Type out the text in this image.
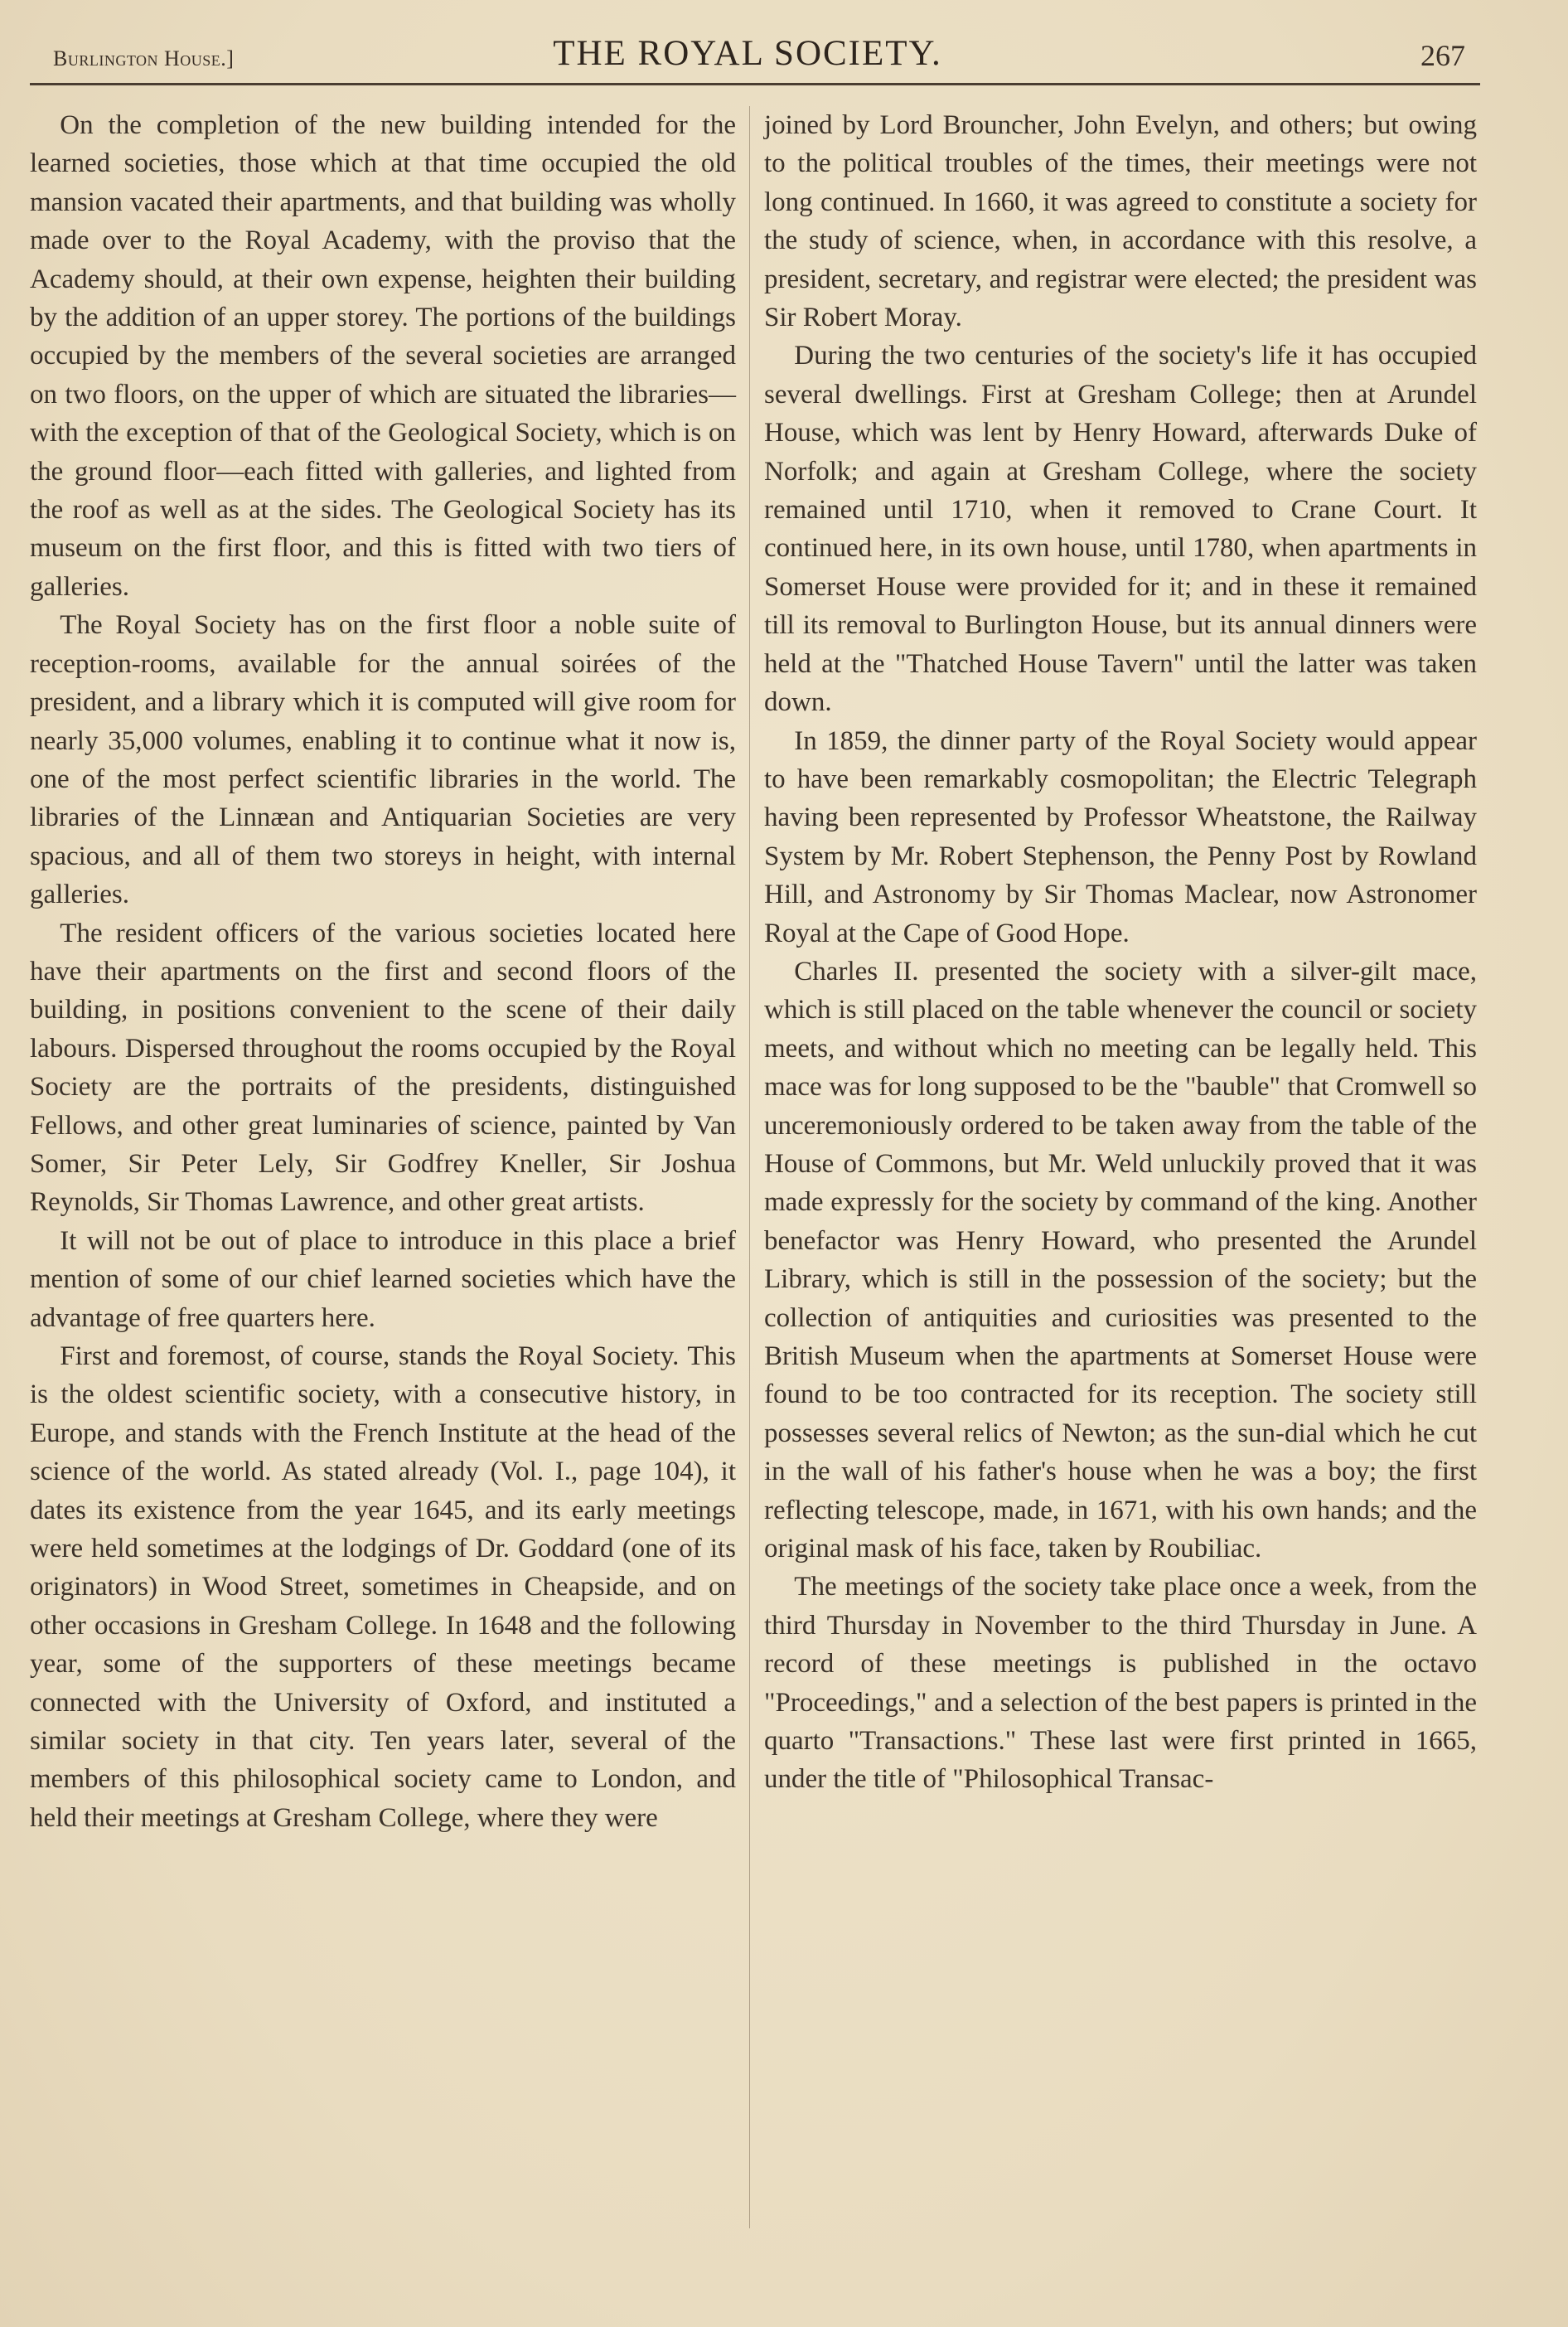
Burlington House.]	THE ROYAL SOCIETY.	267

On the completion of the new building intended for the learned societies, those which at that time occupied the old mansion vacated their apartments, and that building was wholly made over to the Royal Academy, with the proviso that the Academy should, at their own expense, heighten their building by the addition of an upper storey. The portions of the buildings occupied by the members of the several societies are arranged on two floors, on the upper of which are situated the libraries—with the exception of that of the Geological Society, which is on the ground floor—each fitted with galleries, and lighted from the roof as well as at the sides. The Geological Society has its museum on the first floor, and this is fitted with two tiers of galleries.

The Royal Society has on the first floor a noble suite of reception-rooms, available for the annual soirées of the president, and a library which it is computed will give room for nearly 35,000 volumes, enabling it to continue what it now is, one of the most perfect scientific libraries in the world. The libraries of the Linnæan and Antiquarian Societies are very spacious, and all of them two storeys in height, with internal galleries.

The resident officers of the various societies located here have their apartments on the first and second floors of the building, in positions convenient to the scene of their daily labours. Dispersed throughout the rooms occupied by the Royal Society are the portraits of the presidents, distinguished Fellows, and other great luminaries of science, painted by Van Somer, Sir Peter Lely, Sir Godfrey Kneller, Sir Joshua Reynolds, Sir Thomas Lawrence, and other great artists.

It will not be out of place to introduce in this place a brief mention of some of our chief learned societies which have the advantage of free quarters here.

First and foremost, of course, stands the Royal Society. This is the oldest scientific society, with a consecutive history, in Europe, and stands with the French Institute at the head of the science of the world. As stated already (Vol. I., page 104), it dates its existence from the year 1645, and its early meetings were held sometimes at the lodgings of Dr. Goddard (one of its originators) in Wood Street, sometimes in Cheapside, and on other occasions in Gresham College. In 1648 and the following year, some of the supporters of these meetings became connected with the University of Oxford, and instituted a similar society in that city. Ten years later, several of the members of this philosophical society came to London, and held their meetings at Gresham College, where they were

joined by Lord Brouncher, John Evelyn, and others; but owing to the political troubles of the times, their meetings were not long continued. In 1660, it was agreed to constitute a society for the study of science, when, in accordance with this resolve, a president, secretary, and registrar were elected; the president was Sir Robert Moray.

During the two centuries of the society's life it has occupied several dwellings. First at Gresham College; then at Arundel House, which was lent by Henry Howard, afterwards Duke of Norfolk; and again at Gresham College, where the society remained until 1710, when it removed to Crane Court. It continued here, in its own house, until 1780, when apartments in Somerset House were provided for it; and in these it remained till its removal to Burlington House, but its annual dinners were held at the "Thatched House Tavern" until the latter was taken down.

In 1859, the dinner party of the Royal Society would appear to have been remarkably cosmopolitan; the Electric Telegraph having been represented by Professor Wheatstone, the Railway System by Mr. Robert Stephenson, the Penny Post by Rowland Hill, and Astronomy by Sir Thomas Maclear, now Astronomer Royal at the Cape of Good Hope.

Charles II. presented the society with a silver-gilt mace, which is still placed on the table whenever the council or society meets, and without which no meeting can be legally held. This mace was for long supposed to be the "bauble" that Cromwell so unceremoniously ordered to be taken away from the table of the House of Commons, but Mr. Weld unluckily proved that it was made expressly for the society by command of the king. Another benefactor was Henry Howard, who presented the Arundel Library, which is still in the possession of the society; but the collection of antiquities and curiosities was presented to the British Museum when the apartments at Somerset House were found to be too contracted for its reception. The society still possesses several relics of Newton; as the sun-dial which he cut in the wall of his father's house when he was a boy; the first reflecting telescope, made, in 1671, with his own hands; and the original mask of his face, taken by Roubiliac.

The meetings of the society take place once a week, from the third Thursday in November to the third Thursday in June. A record of these meetings is published in the octavo "Proceedings," and a selection of the best papers is printed in the quarto "Transactions." These last were first printed in 1665, under the title of "Philosophical Transac-
